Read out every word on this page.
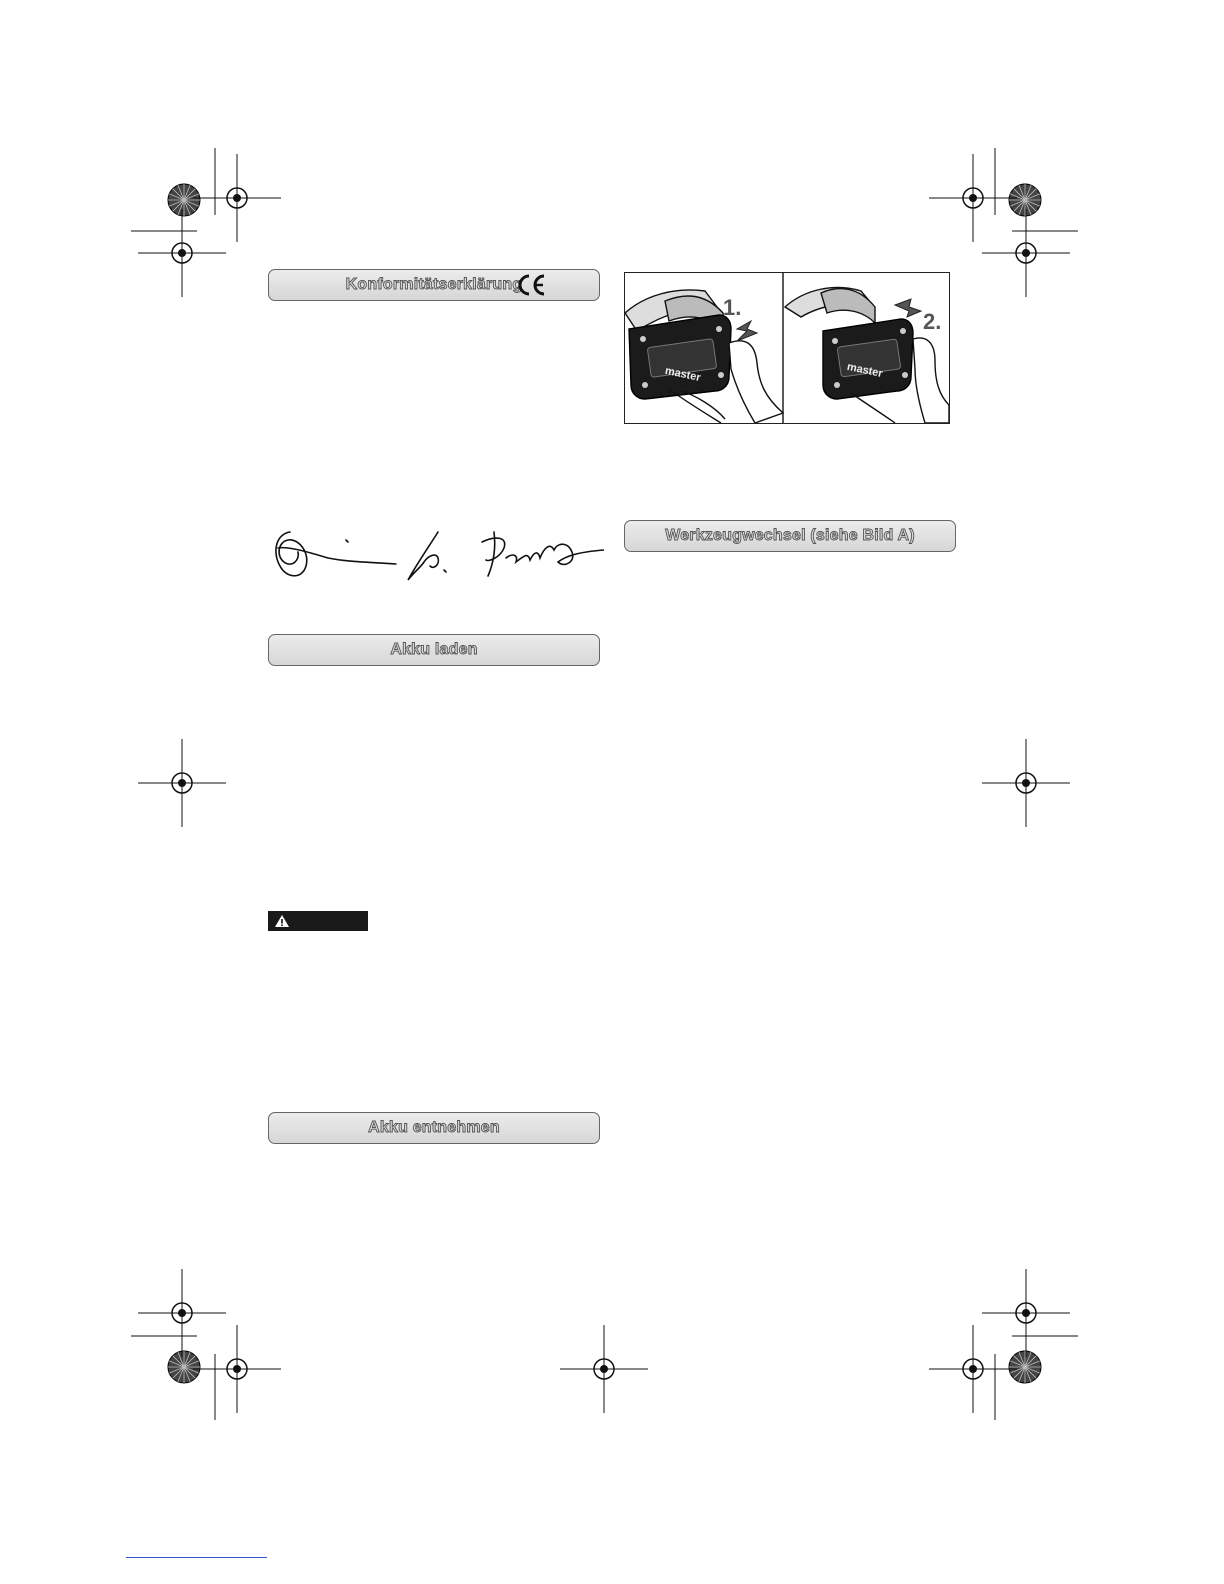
Konformitätserklärung
Akku laden
Akku entnehmen
master
1.
master
2.
Werkzeugwechsel (siehe Bild A)
